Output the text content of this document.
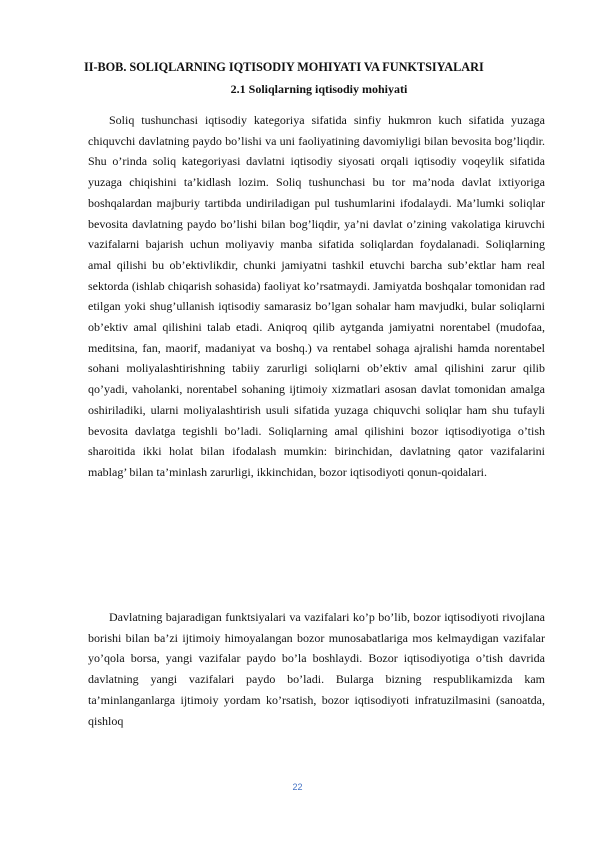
II-BOB. SOLIQLARNING IQTISODIY MOHIYATI VA FUNKTSIYALARI
2.1 Soliqlarning iqtisodiy mohiyati

Soliq tushunchasi iqtisodiy kategoriya sifatida sinfiy hukmron kuch sifatida yuzaga chiquvchi davlatning paydo bo’lishi va uni faoliyatining davomiyligi bilan bevosita bog’liqdir. Shu o’rinda soliq kategoriyasi davlatni iqtisodiy siyosati orqali iqtisodiy voqeylik sifatida yuzaga chiqishini ta’kidlash lozim. Soliq tushunchasi bu tor ma’noda davlat ixtiyoriga boshqalardan majburiy tartibda undiriladigan pul tushumlarini ifodalaydi. Ma’lumki soliqlar bevosita davlatning paydo bo’lishi bilan bog’liqdir, ya’ni davlat o’zining vakolatiga kiruvchi vazifalarni bajarish uchun moliyaviy manba sifatida soliqlardan foydalanadi. Soliqlarning amal qilishi bu ob’ektivlikdir, chunki jamiyatni tashkil etuvchi barcha sub’ektlar ham real sektorda (ishlab chiqarish sohasida) faoliyat ko’rsatmaydi. Jamiyatda boshqalar tomonidan rad etilgan yoki shug’ullanish iqtisodiy samarasiz bo’lgan sohalar ham mavjudki, bular soliqlarni ob’ektiv amal qilishini talab etadi. Aniqroq qilib aytganda jamiyatni norentabel (mudofaa, meditsina, fan, maorif, madaniyat va boshq.) va rentabel sohaga ajralishi hamda norentabel sohani moliyalashtirishning tabiiy zarurligi soliqlarni ob’ektiv amal qilishini zarur qilib qo’yadi, vaholanki, norentabel sohaning ijtimoiy xizmatlari asosan davlat tomonidan amalga oshiriladiki, ularni moliyalashtirish usuli sifatida yuzaga chiquvchi soliqlar ham shu tufayli bevosita davlatga tegishli bo’ladi. Soliqlarning amal qilishini bozor iqtisodiyotiga o’tish sharoitida ikki holat bilan ifodalash mumkin: birinchidan, davlatning qator vazifalarini mablag’ bilan ta’minlash zarurligi, ikkinchidan, bozor iqtisodiyoti qonun-qoidalari.

Davlatning bajaradigan funktsiyalari va vazifalari ko’p bo’lib, bozor iqtisodiyoti rivojlana borishi bilan ba’zi ijtimoiy himoyalangan bozor munosabatlariga mos kelmaydigan vazifalar yo’qola borsa, yangi vazifalar paydo bo’la boshlaydi. Bozor iqtisodiyotiga o’tish davrida davlatning yangi vazifalari paydo bo’ladi. Bularga bizning respublikamizda kam ta’minlanganlarga ijtimoiy yordam ko’rsatish, bozor iqtisodiyoti infratuzilmasini (sanoatda, qishloq

22
